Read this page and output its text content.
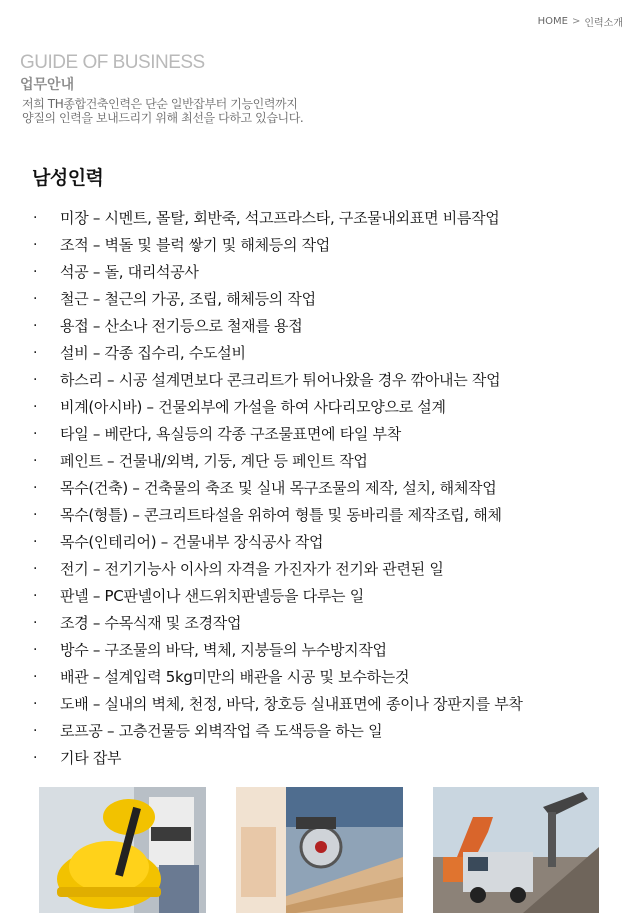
HOME > 인력소개
GUIDE OF BUSINESS
업무안내

저희 TH종합건축인력은 단순 일반잡부터 기능인력까지

양질의 인력을 보내드리기 위해 최선을 다하고 있습니다.

남성인력
· 미장 – 시멘트, 몰탈, 회반죽, 석고프라스타, 구조물내외표면 비름작업
· 조적 – 벽돌 및 블럭 쌓기 및 해체등의 작업
· 석공 – 돌, 대리석공사
· 철근 – 철근의 가공, 조립, 해체등의 작업
· 용접 – 산소나 전기등으로 철재를 용접
· 설비 – 각종 집수리, 수도설비
· 하스리 – 시공 설계면보다 콘크리트가 튀어나왔을 경우 깎아내는 작업
· 비계(아시바) – 건물외부에 가설을 하여 사다리모양으로 설계
· 타일 – 베란다, 욕실등의 각종 구조물표면에 타일 부착
· 페인트 – 건물내/외벽, 기둥, 계단 등 페인트 작업
· 목수(건축) – 건축물의 축조 및 실내 목구조물의 제작, 설치, 해체작업
· 목수(형틀) – 콘크리트타설을 위하여 형틀 및 동바리를 제작조립, 해체
· 목수(인테리어) – 건물내부 장식공사 작업
· 전기 – 전기기능사 이사의 자격을 가진자가 전기와 관련된 일
· 판넬 – PC판넬이나 샌드위치판넬등을 다루는 일
· 조경 – 수목식재 및 조경작업
· 방수 – 구조물의 바닥, 벽체, 지붕들의 누수방지작업
· 배관 – 설계입력 5kg미만의 배관을 시공 및 보수하는것
· 도배 – 실내의 벽체, 천정, 바닥, 창호등 실내표면에 종이나 장판지를 부착
· 로프공 – 고층건물등 외벽작업 즉 도색등을 하는 일
· 기타 잡부
